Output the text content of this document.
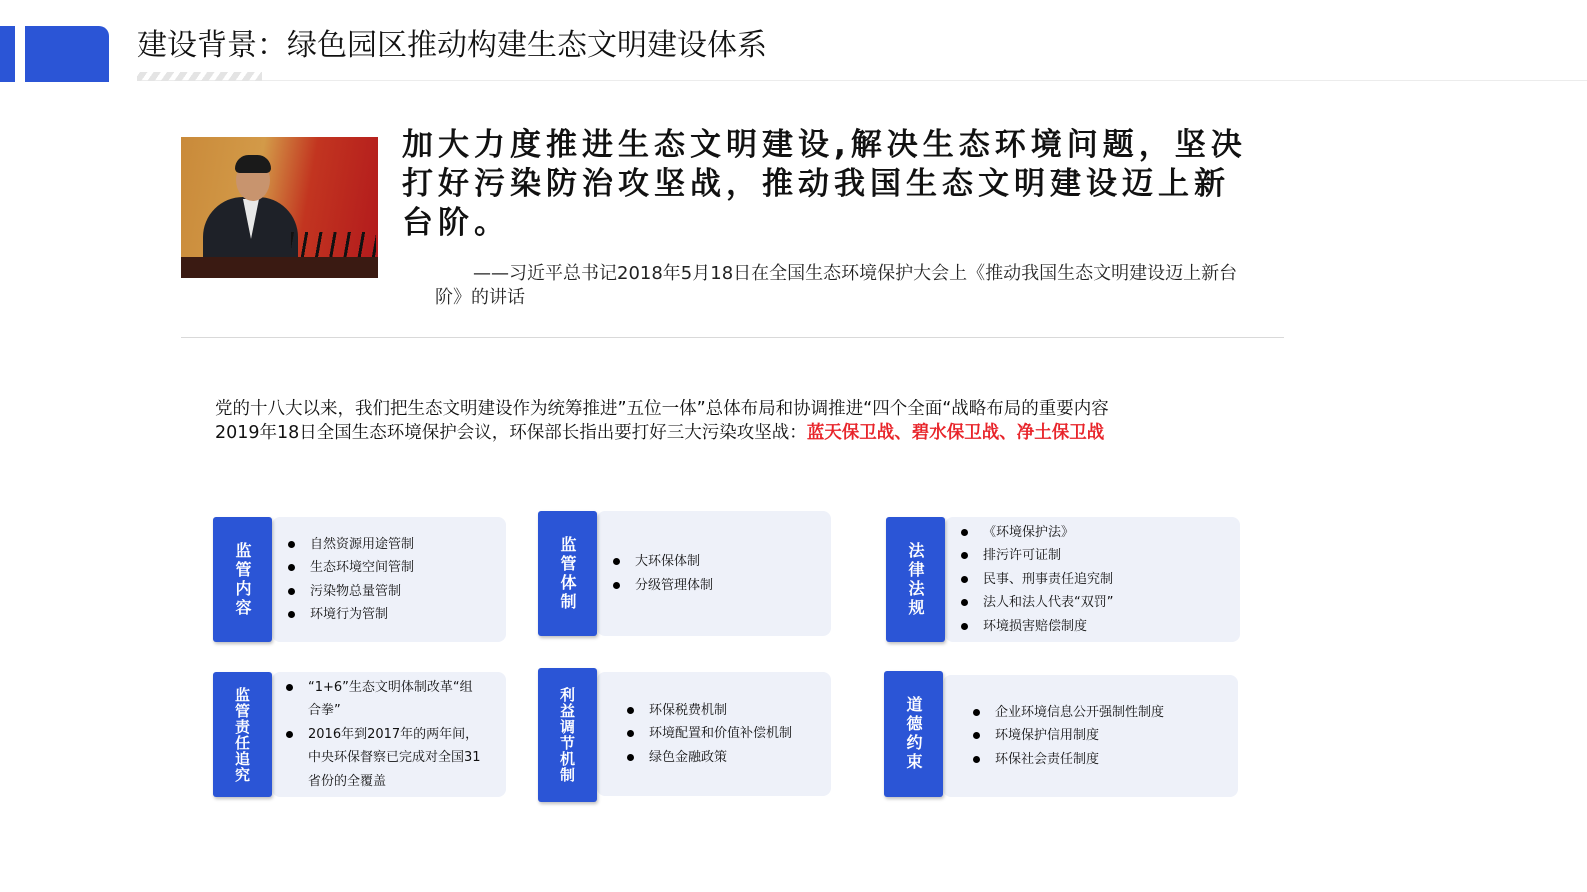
建设背景：绿色园区推动构建生态文明建设体系

加大力度推进生态文明建设,解决生态环境问题，坚决打好污染防治攻坚战，推动我国生态文明建设迈上新台阶。

——习近平总书记2018年5月18日在全国生态环境保护大会上《推动我国生态文明建设迈上新台阶》的讲话

党的十八大以来，我们把生态文明建设作为统筹推进”五位一体”总体布局和协调推进“四个全面“战略布局的重要内容
2019年18日全国生态环境保护会议，环保部长指出要打好三大污染攻坚战：蓝天保卫战、碧水保卫战、净土保卫战

自然资源用途管制
生态环境空间管制
污染物总量管制
环境行为管制
监管内容	大环保体制
分级管理体制
监管体制
《环境保护法》
排污许可证制
民事、刑事责任追究制
法人和法人代表“双罚”
环境损害赔偿制度
法律法规
“1+6”生态文明体制改革“组合拳”
2016年到2017年的两年间，中央环保督察已完成对全国31省份的全覆盖
监管责任追究	环保税费机制
环境配置和价值补偿机制
绿色金融政策
利益调节机制	企业环境信息公开强制性制度
环境保护信用制度
环保社会责任制度
道德约束
